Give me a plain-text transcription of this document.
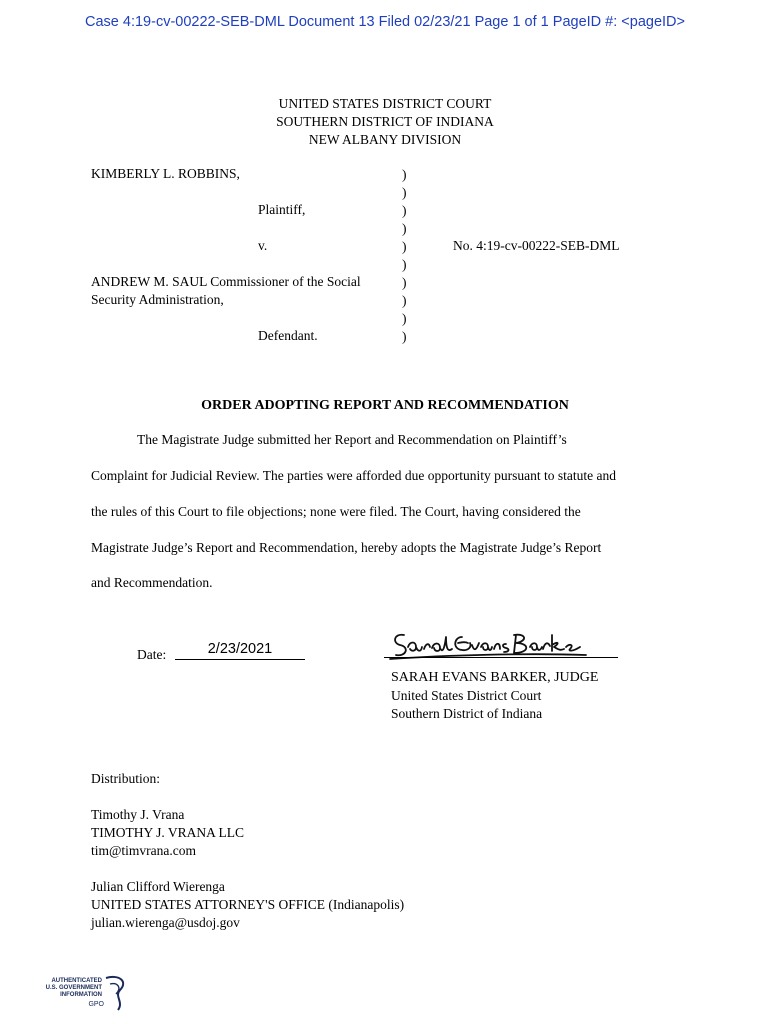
Case 4:19-cv-00222-SEB-DML Document 13 Filed 02/23/21 Page 1 of 1 PageID #: <pageID>
UNITED STATES DISTRICT COURT
SOUTHERN DISTRICT OF INDIANA
NEW ALBANY DIVISION
KIMBERLY L. ROBBINS,
Plaintiff,
v.
ANDREW M. SAUL Commissioner of the Social
Security Administration,
Defendant.
)
)
)
)
)
)
)
)
)
)
No. 4:19-cv-00222-SEB-DML
ORDER ADOPTING REPORT AND RECOMMENDATION
The Magistrate Judge submitted her Report and Recommendation on Plaintiff’s
Complaint for Judicial Review. The parties were afforded due opportunity pursuant to statute and
the rules of this Court to file objections; none were filed. The Court, having considered the
Magistrate Judge’s Report and Recommendation, hereby adopts the Magistrate Judge’s Report
and Recommendation.
Date:	2/23/2021
Sarah Evans Barker
SARAH EVANS BARKER, JUDGE
United States District Court
Southern District of Indiana
Distribution:
Timothy J. Vrana
TIMOTHY J. VRANA LLC
tim@timvrana.com
Julian Clifford Wierenga
UNITED STATES ATTORNEY'S OFFICE (Indianapolis)
julian.wierenga@usdoj.gov
AUTHENTICATED
U.S. GOVERNMENT
INFORMATION
GPO
